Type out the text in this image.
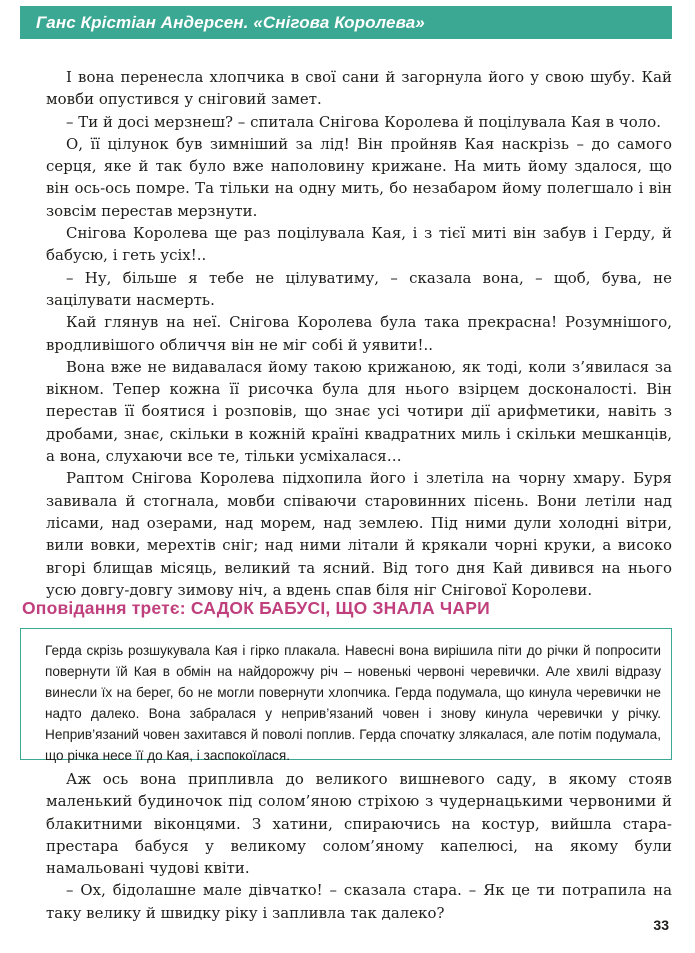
Ганс Крістіан Андерсен. «Снігова Королева»

І вона перенесла хлопчика в свої сани й загорнула його у свою шубу. Кай мовби опустився у сніговий замет.

– Ти й досі мерзнеш? – спитала Снігова Королева й поцілувала Кая в чоло.

О, її цілунок був зимніший за лід! Він пройняв Кая наскрізь – до самого серця, яке й так було вже наполовину крижане. На мить йому здалося, що він ось-ось помре. Та тільки на одну мить, бо незабаром йому полегшало і він зовсім перестав мерзнути.

Снігова Королева ще раз поцілувала Кая, і з тієї миті він забув і Герду, й бабусю, і геть усіх!..

– Ну, більше я тебе не цілуватиму, – сказала вона, – щоб, бува, не зацілувати насмерть.

Кай глянув на неї. Снігова Королева була така прекрасна! Розумнішого, вродливішого обличчя він не міг собі й уявити!..

Вона вже не видавалася йому такою крижаною, як тоді, коли з’явилася за вікном. Тепер кожна її рисочка була для нього взірцем досконалості. Він перестав її боятися і розповів, що знає усі чотири дії арифметики, навіть з дробами, знає, скільки в кожній країні квадратних миль і скільки мешканців, а вона, слухаючи все те, тільки усміхалася…

Раптом Снігова Королева підхопила його і злетіла на чорну хмару. Буря завивала й стогнала, мовби співаючи старовинних пісень. Вони летіли над лісами, над озерами, над морем, над землею. Під ними дули холодні вітри, вили вовки, мерехтів сніг; над ними літали й крякали чорні круки, а високо вгорі блищав місяць, великий та ясний. Від того дня Кай дивився на нього усю довгу-довгу зимову ніч, а вдень спав біля ніг Снігової Королеви.

Оповідання третє: САДОК БАБУСІ, ЩО ЗНАЛА ЧАРИ
Герда скрізь розшукувала Кая і гірко плакала. Навесні вона вирішила піти до річки й попросити повернути їй Кая в обмін на найдорожчу річ – новенькі червоні черевички. Але хвилі відразу винесли їх на берег, бо не могли повернути хлопчика. Герда подумала, що кинула черевички не надто далеко. Вона забралася у неприв’язаний човен і знову кинула черевички у річку. Неприв’язаний човен захитався й поволі поплив. Герда спочатку злякалася, але потім подумала, що річка несе її до Кая, і заспокоїлася.

Аж ось вона припливла до великого вишневого саду, в якому стояв маленький будиночок під солом’яною стріхою з чудернацькими червоними й блакитними віконцями. З хатини, спираючись на костур, вийшла стара-престара бабуся у великому солом’яному капелюсі, на якому були намальовані чудові квіти.

– Ох, бідолашне мале дівчатко! – сказала стара. – Як це ти потрапила на таку велику й швидку ріку і запливла так далеко?

33
